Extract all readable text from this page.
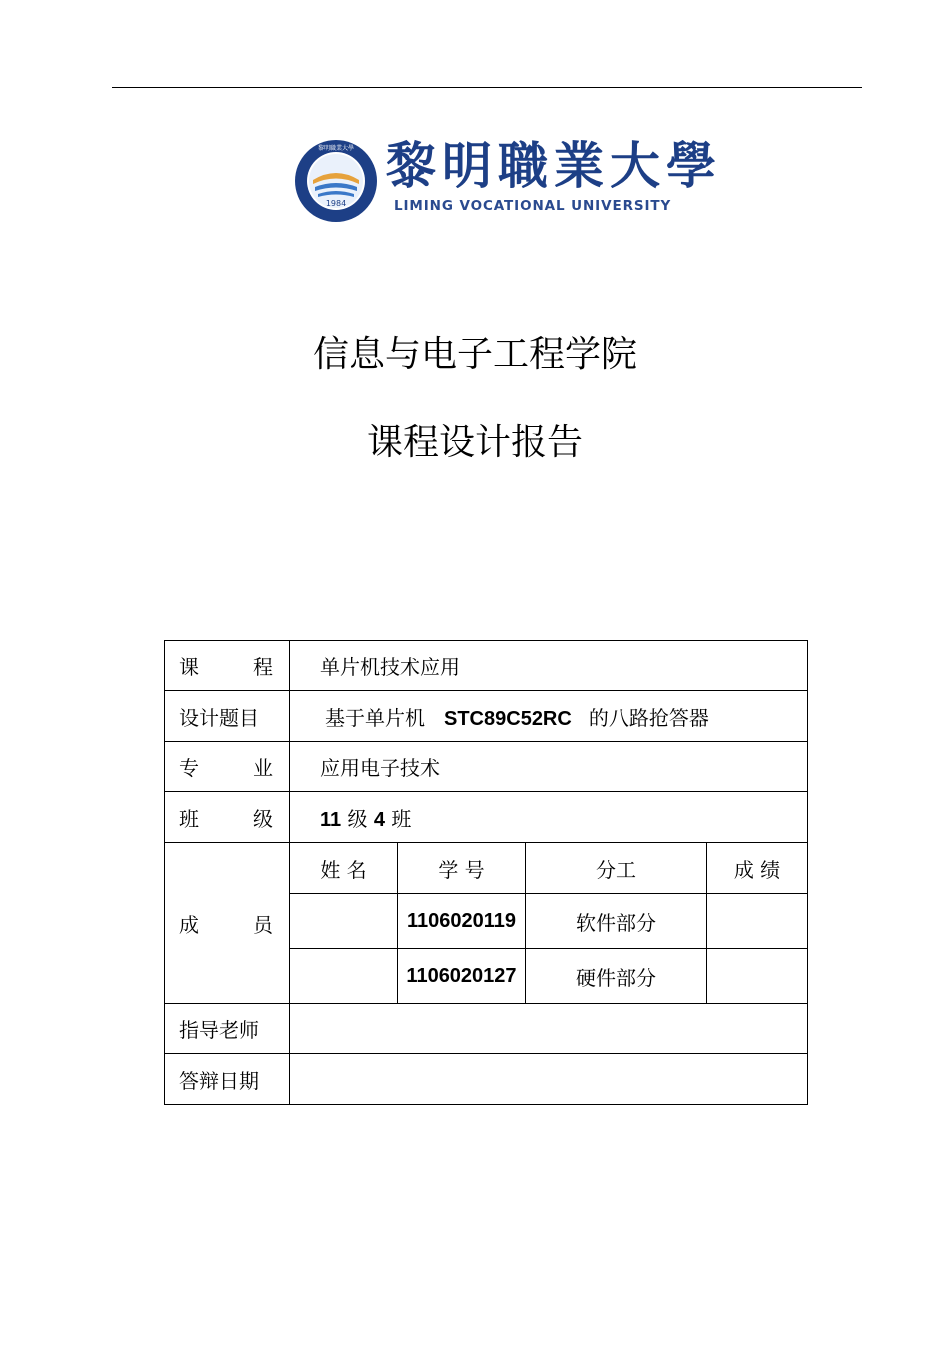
1984
黎明職業大學 黎明職業大學
LIMING VOCATIONAL UNIVERSITY
信息与电子工程学院
课程设计报告
课 程	单片机技术应用			
设计题目	基于单片机 STC89C52RC 的八路抢答器			

专 业	应用电子技术			

班 级	11 级 4 班			

成 员	姓 名	学 号	分工	成 绩
		1106020119	软件部分	
		1106020127	硬件部分	
指导老师				
答辩日期				
